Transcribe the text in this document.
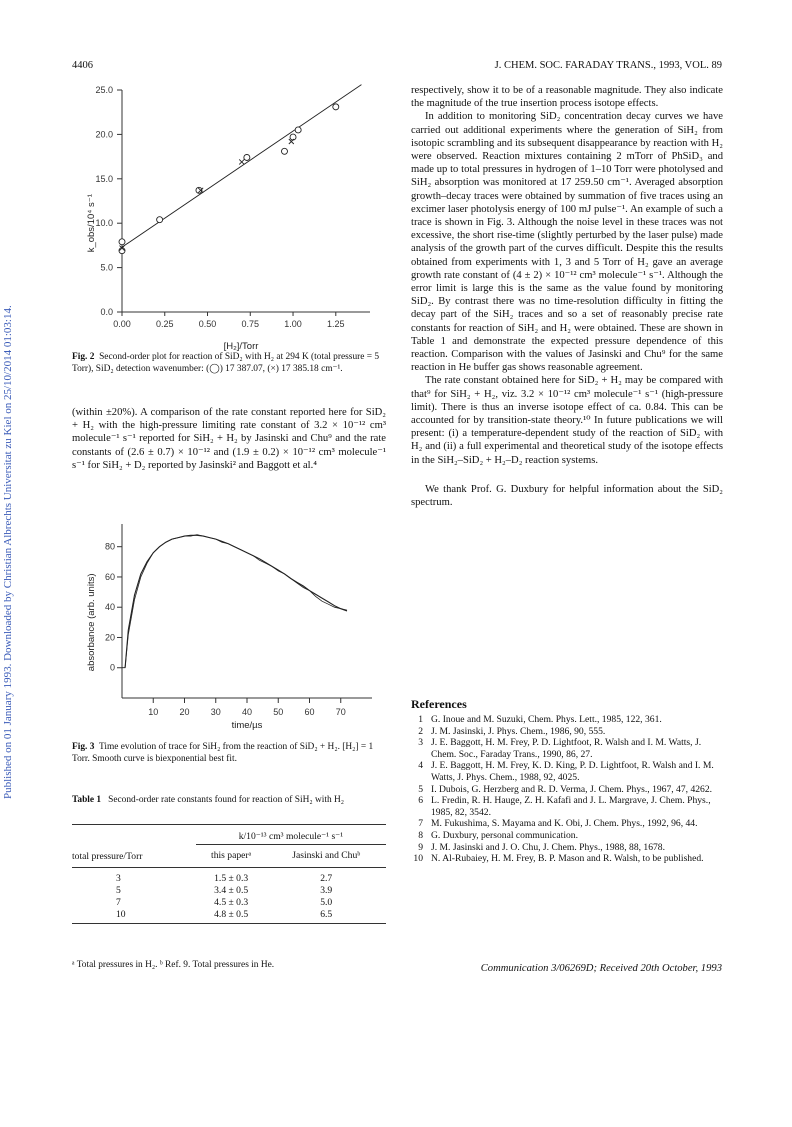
4406	J. CHEM. SOC. FARADAY TRANS., 1993, VOL. 89
Published on 01 January 1993. Downloaded by Christian Albrechts Universitat zu Kiel on 25/10/2014 01:03:14.	0.0
5.0
10.0
15.0
20.0
25.0
0.00	0.25	0.50	0.75	1.00	1.25
[H₂]/Torr
k_obs/10⁴ s⁻¹
Fig. 2 Second-order plot for reaction of SiD₂ with H₂ at 294 K (total pressure = 5 Torr), SiD₂ detection wavenumber: (◯) 17 387.07, (×) 17 385.18 cm⁻¹.

(within ±20%). A comparison of the rate constant reported here for SiD₂ + H₂ with the high-pressure limiting rate constant of 3.2 × 10⁻¹² cm³ molecule⁻¹ s⁻¹ reported for SiH₂ + H₂ by Jasinski and Chu⁹ and the rate constants of (2.6 ± 0.7) × 10⁻¹² and (1.9 ± 0.2) × 10⁻¹² cm³ molecule⁻¹ s⁻¹ for SiH₂ + D₂ reported by Jasinski² and Baggott et al.⁴

0
20
40
60
80
10 20 30 40 50 60 70
time/µs
absorbance (arb. units)
Fig. 3 Time evolution of trace for SiH₂ from the reaction of SiD₂ + H₂. [H₂] = 1 Torr. Smooth curve is biexponential best fit.
Table 1 Second-order rate constants found for reaction of SiH₂ with H₂
	k/10⁻¹³ cm³ molecule⁻¹ s⁻¹	
total pressure/Torr	this paperᵃ	Jasinski and Chuᵇ
3	1.5 ± 0.3	2.7
5	3.4 ± 0.5	3.9
7	4.5 ± 0.3	5.0
10	4.8 ± 0.5	6.5
ᵃ Total pressures in H₂. ᵇ Ref. 9. Total pressures in He.

respectively, show it to be of a reasonable magnitude. They also indicate the magnitude of the true insertion process isotope effects.

In addition to monitoring SiD₂ concentration decay curves we have carried out additional experiments where the generation of SiH₂ from isotopic scrambling and its subsequent disappearance by reaction with H₂ were observed. Reaction mixtures containing 2 mTorr of PhSiD₃ and made up to total pressures in hydrogen of 1–10 Torr were photolysed and SiH₂ absorption was monitored at 17 259.50 cm⁻¹. Averaged absorption growth–decay traces were obtained by summation of five traces using an excimer laser photolysis energy of 100 mJ pulse⁻¹. An example of such a trace is shown in Fig. 3. Although the noise level in these traces was not excessive, the short rise-time (slightly perturbed by the laser pulse) made analysis of the growth part of the curves difficult. Despite this the results obtained from experiments with 1, 3 and 5 Torr of H₂ gave an average growth rate constant of (4 ± 2) × 10⁻¹² cm³ molecule⁻¹ s⁻¹. Although the error limit is large this is the same as the value found by monitoring SiD₂. By contrast there was no time-resolution difficulty in fitting the decay part of the SiH₂ traces and so a set of reasonably precise rate constants for reaction of SiH₂ and H₂ were obtained. These are shown in Table 1 and demonstrate the expected pressure dependence of this reaction. Comparison with the values of Jasinski and Chu⁹ for the same reaction in He buffer gas shows reasonable agreement.

The rate constant obtained here for SiD₂ + H₂ may be compared with that⁹ for SiH₂ + H₂, viz. 3.2 × 10⁻¹² cm³ molecule⁻¹ s⁻¹ (high-pressure limit). There is thus an inverse isotope effect of ca. 0.84. This can be accounted for by transition-state theory.¹⁰ In future publications we will present: (i) a temperature-dependent study of the reaction of SiD₂ with H₂ and (ii) a full experimental and theoretical study of the isotope effects in the SiH₂–SiD₂ + H₂–D₂ reaction systems.

We thank Prof. G. Duxbury for helpful information about the SiD₂ spectrum.

References
1 G. Inoue and M. Suzuki, Chem. Phys. Lett., 1985, 122, 361.
2 J. M. Jasinski, J. Phys. Chem., 1986, 90, 555.
3 J. E. Baggott, H. M. Frey, P. D. Lightfoot, R. Walsh and I. M. Watts, J. Chem. Soc., Faraday Trans., 1990, 86, 27.
4 J. E. Baggott, H. M. Frey, K. D. King, P. D. Lightfoot, R. Walsh and I. M. Watts, J. Phys. Chem., 1988, 92, 4025.
5 I. Dubois, G. Herzberg and R. D. Verma, J. Chem. Phys., 1967, 47, 4262.
6 L. Fredin, R. H. Hauge, Z. H. Kafafi and J. L. Margrave, J. Chem. Phys., 1985, 82, 3542.
7 M. Fukushima, S. Mayama and K. Obi, J. Chem. Phys., 1992, 96, 44.
8 G. Duxbury, personal communication.
9 J. M. Jasinski and J. O. Chu, J. Chem. Phys., 1988, 88, 1678.
10 N. Al-Rubaiey, H. M. Frey, B. P. Mason and R. Walsh, to be published.
Communication 3/06269D; Received 20th October, 1993
